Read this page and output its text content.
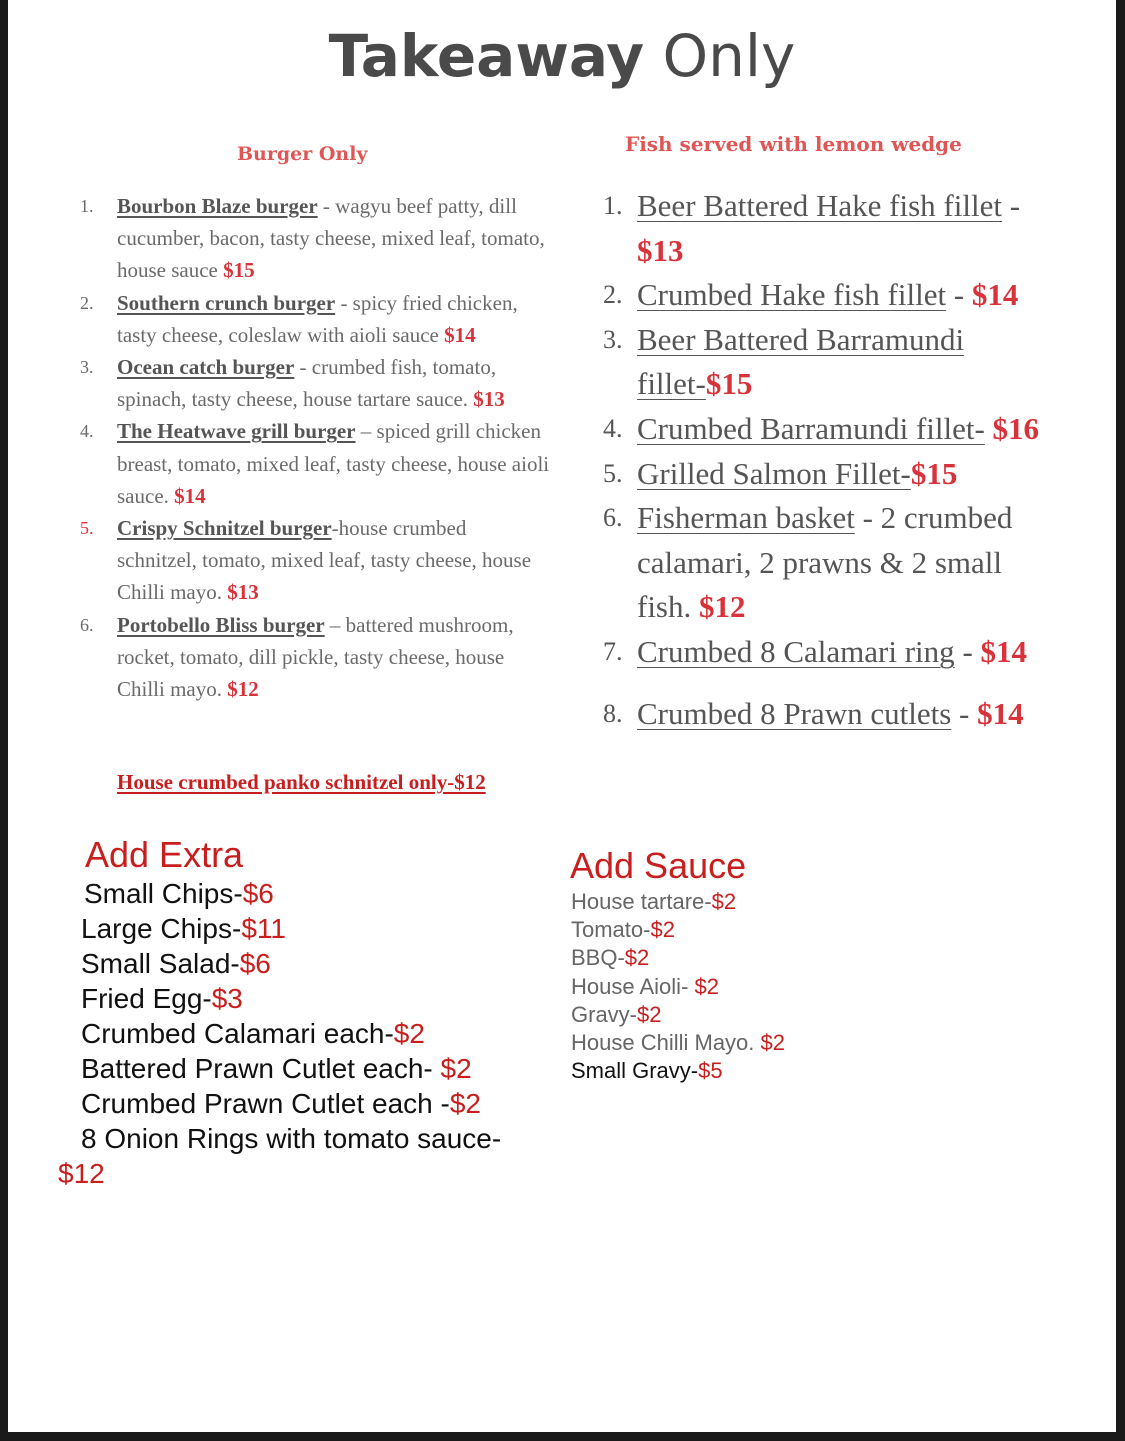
Takeaway Only
Burger Only
1. Bourbon Blaze burger - wagyu beef patty, dill cucumber, bacon, tasty cheese, mixed leaf, tomato, house sauce $15
2. Southern crunch burger - spicy fried chicken, tasty cheese, coleslaw with aioli sauce $14
3. Ocean catch burger - crumbed fish, tomato, spinach, tasty cheese, house tartare sauce. $13
4. The Heatwave grill burger – spiced grill chicken breast, tomato, mixed leaf, tasty cheese, house aioli sauce. $14
5. Crispy Schnitzel burger-house crumbed schnitzel, tomato, mixed leaf, tasty cheese, house Chilli mayo. $13
6. Portobello Bliss burger – battered mushroom, rocket, tomato, dill pickle, tasty cheese, house Chilli mayo. $12
House crumbed panko schnitzel only-$12
Fish served with lemon wedge
1. Beer Battered Hake fish fillet - $13
2. Crumbed Hake fish fillet - $14
3. Beer Battered Barramundi fillet-$15
4. Crumbed Barramundi fillet- $16
5. Grilled Salmon Fillet-$15
6. Fisherman basket - 2 crumbed calamari, 2 prawns & 2 small fish. $12
7. Crumbed 8 Calamari ring - $14
8. Crumbed 8 Prawn cutlets - $14
Add Extra
Small Chips-$6
Large Chips-$11
Small Salad-$6
Fried Egg-$3
Crumbed Calamari each-$2
Battered Prawn Cutlet each- $2
Crumbed Prawn Cutlet each -$2
8 Onion Rings with tomato sauce-
$12
Add Sauce
House tartare-$2
Tomato-$2
BBQ-$2
House Aioli- $2
Gravy-$2
House Chilli Mayo. $2
Small Gravy-$5
